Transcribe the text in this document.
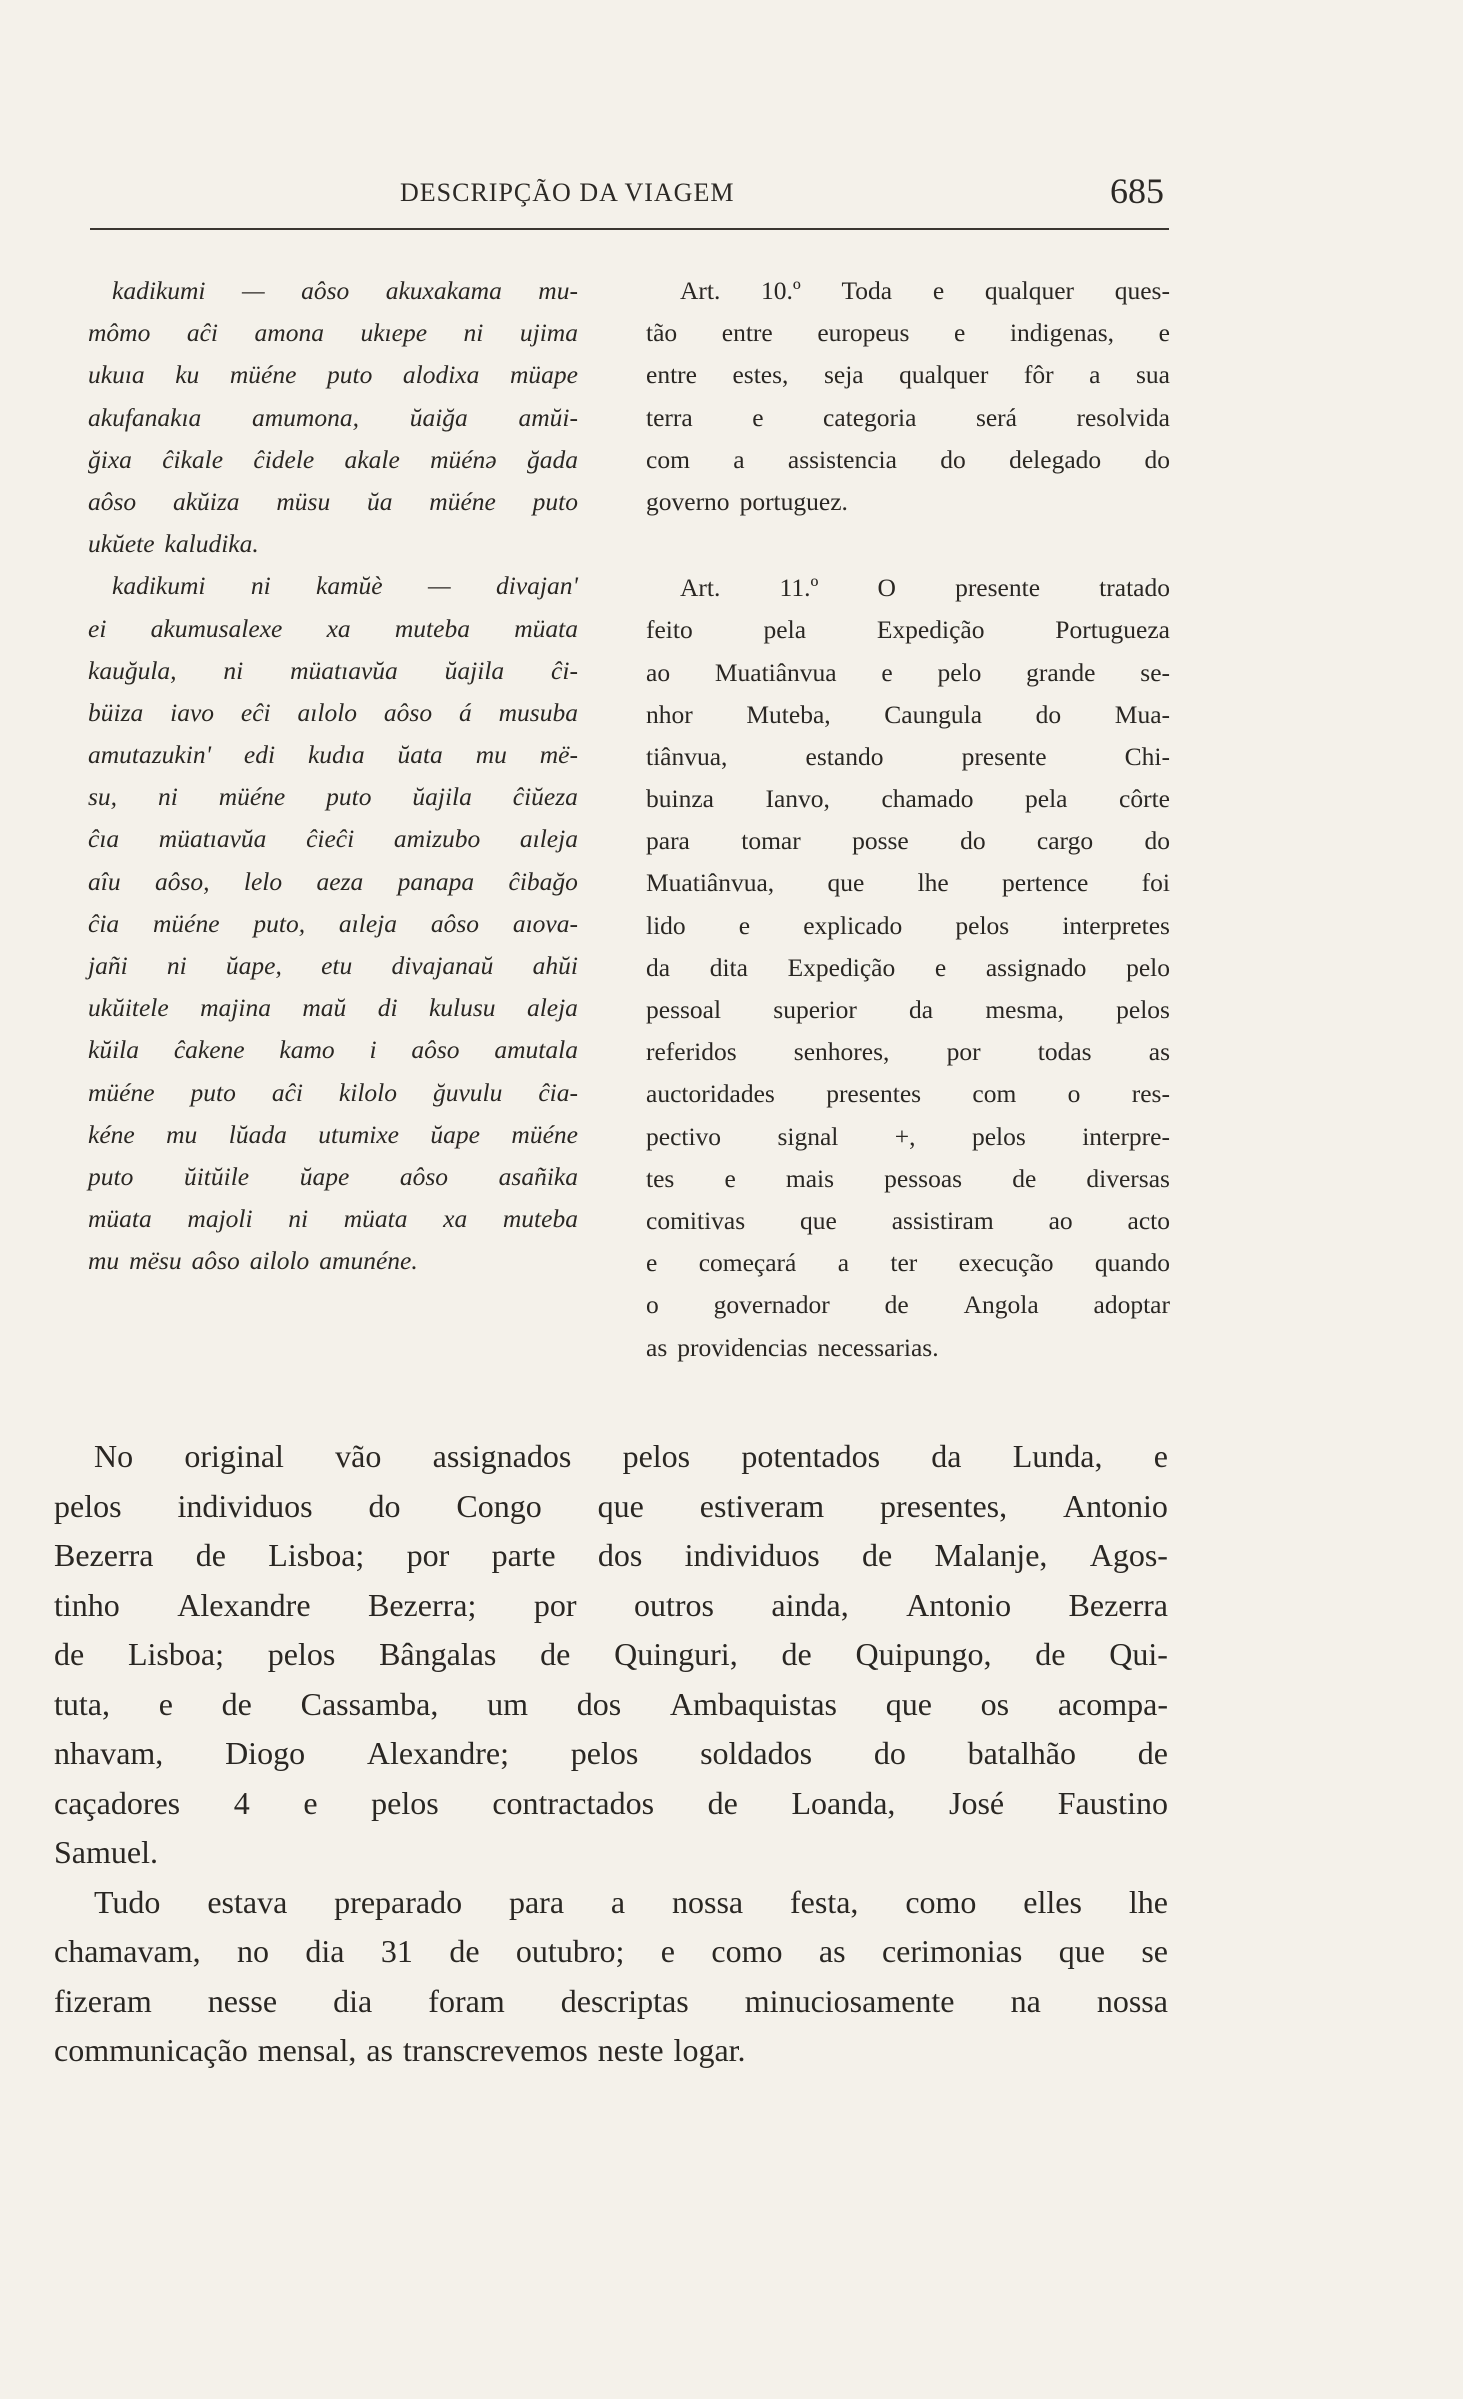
DESCRIPÇÃO DA VIAGEM	685
kadikumi — aôso akuxakama mu-
mômo aĉi amona ukıepe ni ujima
ukuıa ku müéne puto alodixa müape
akufanakıa amumona, ŭaiğa amŭi-
ğixa ĉikale ĉidele akale müénə ğada
aôso akŭiza müsu ŭa müéne puto
ukŭete kaludika.
kadikumi ni kamŭè — divajan'
ei akumusalexe xa muteba müata
kauğula, ni müatıavŭa ŭajila ĉi-
büiza iavo eĉi aılolo aôso á musuba
amutazukin' edi kudıa ŭata mu më-
su, ni müéne puto ŭajila ĉiŭeza
ĉıa müatıavŭa ĉieĉi amizubo aıleja
aîu aôso, lelo aeza panapa ĉibağo
ĉia müéne puto, aıleja aôso aıova-
jañi ni ŭape, etu divajanaŭ ahŭi
ukŭitele majina maŭ di kulusu aleja
kŭila ĉakene kamo i aôso amutala
müéne puto aĉi kilolo ğuvulu ĉia-
kéne mu lŭada utumixe ŭape müéne
puto ŭitŭile ŭape aôso asañika
müata majoli ni müata xa muteba
mu mësu aôso ailolo amunéne.
Art. 10.º Toda e qualquer ques-
tão entre europeus e indigenas, e
entre estes, seja qualquer fôr a sua
terra e categoria será resolvida
com a assistencia do delegado do
governo portuguez.
Art. 11.º O presente tratado
feito	pela	Expedição	Portugueza
ao Muatiânvua e pelo grande se-
nhor Muteba, Caungula do Mua-
tiânvua,	estando	presente	Chi-
buinza Ianvo, chamado pela côrte
para tomar posse do cargo do
Muatiânvua, que lhe pertence foi
lido e explicado pelos interpretes
da dita Expedição e assignado pelo
pessoal superior da mesma, pelos
referidos senhores, por todas as
auctoridades presentes com o res-
pectivo signal +, pelos interpre-
tes e mais pessoas de diversas
comitivas que assistiram ao acto
e começará a ter execução quando
o governador de Angola adoptar
as providencias necessarias.
No original vão assignados pelos potentados da Lunda, e
pelos individuos do Congo que estiveram presentes, Antonio
Bezerra de Lisboa; por parte dos individuos de Malanje, Agos-
tinho Alexandre Bezerra; por outros ainda, Antonio Bezerra
de Lisboa; pelos Bângalas de Quinguri, de Quipungo, de Qui-
tuta, e de Cassamba, um dos Ambaquistas que os acompa-
nhavam, Diogo Alexandre; pelos soldados do batalhão de
caçadores 4 e pelos contractados de Loanda, José Faustino
Samuel.
Tudo estava preparado para a nossa festa, como elles lhe
chamavam, no dia 31 de outubro; e como as cerimonias que se
fizeram nesse dia foram descriptas minuciosamente na nossa
communicação mensal, as transcrevemos neste logar.
